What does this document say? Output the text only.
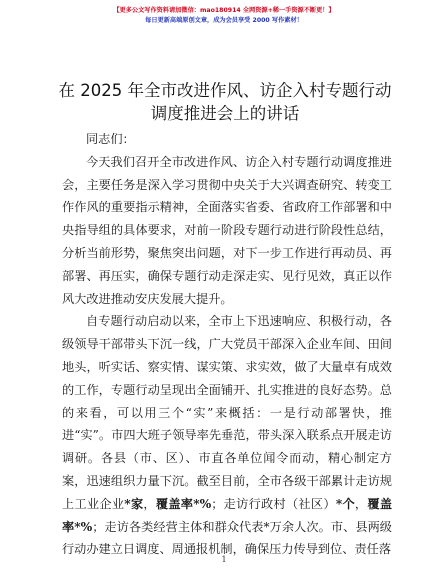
【更多公文写作资料请加微信：mao180914 全网资源+稀一手资源不断更！】
每日更新高端原创文章，成为会员享受 2000 写作素材！
在 2025 年全市改进作风、访企入村专题行动调度推进会上的讲话

同志们：

今天我们召开全市改进作风、访企入村专题行动调度推进会，主要任务是深入学习贯彻中央关于大兴调查研究、转变工作作风的重要指示精神，全面落实省委、省政府工作部署和中央指导组的具体要求，对前一阶段专题行动进行阶段性总结，分析当前形势，聚焦突出问题，对下一步工作进行再动员、再部署、再压实，确保专题行动走深走实、见行见效，真正以作风大改进推动安庆发展大提升。

自专题行动启动以来，全市上下迅速响应、积极行动，各级领导干部带头下沉一线，广大党员干部深入企业车间、田间地头，听实话、察实情、谋实策、求实效，做了大量卓有成效的工作，专题行动呈现出全面铺开、扎实推进的良好态势。总的来看，可以用三个“实”来概括：一是行动部署快，推进“实”。市四大班子领导率先垂范，带头深入联系点开展走访调研。各县（市、区）、市直各单位闻令而动，精心制定方案，迅速组织力量下沉。截至目前，全市各级干部累计走访规上工业企业*家，覆盖率*%；走访行政村（社区）*个，覆盖率*%；走访各类经营主体和群众代表*万余人次。市、县两级行动办建立日调度、周通报机制，确保压力传导到位、责任落

1
